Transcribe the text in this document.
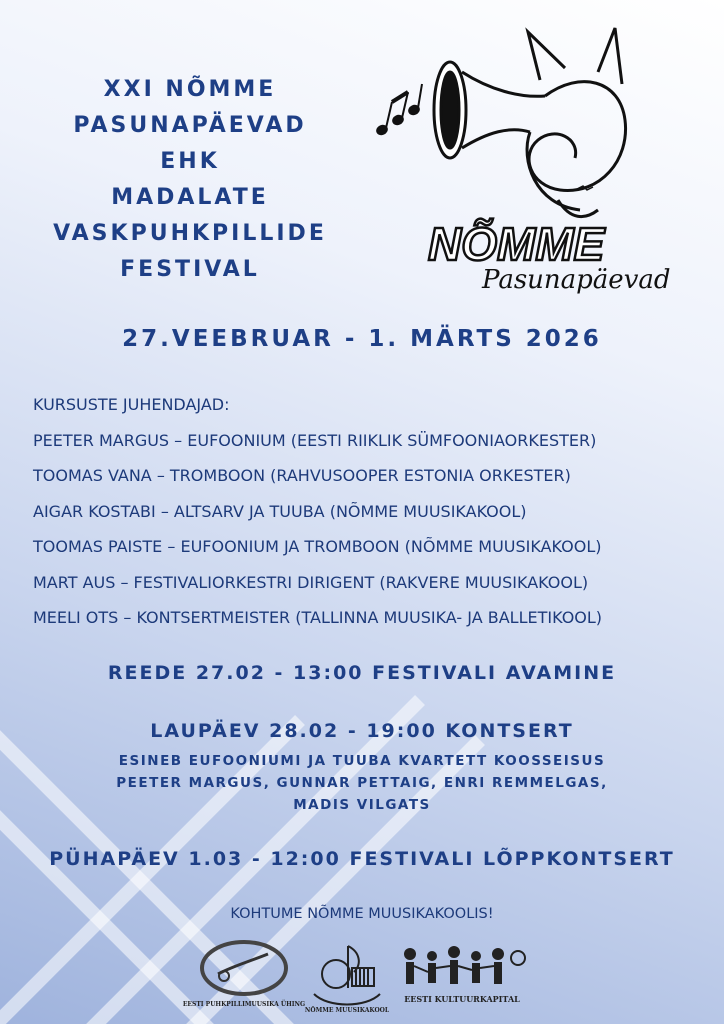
XXI NÕMME
PASUNAPÄEVAD
EHK
MADALATE
VASKPUHKPILLIDE
FESTIVAL	NÕMME
Pasunapäevad
27.VEEBRUAR - 1. MÄRTS 2026
KURSUSTE JUHENDAJAD:
PEETER MARGUS – EUFOONIUM (EESTI RIIKLIK SÜMFOONIAORKESTER)
TOOMAS VANA – TROMBOON (RAHVUSOOPER ESTONIA ORKESTER)
AIGAR KOSTABI – ALTSARV JA TUUBA (NÕMME MUUSIKAKOOL)
TOOMAS PAISTE – EUFOONIUM JA TROMBOON (NÕMME MUUSIKAKOOL)
MART AUS – FESTIVALIORKESTRI DIRIGENT (RAKVERE MUUSIKAKOOL)
MEELI OTS – KONTSERTMEISTER (TALLINNA MUUSIKA- JA BALLETIKOOL)
REEDE 27.02 - 13:00 FESTIVALI AVAMINE
LAUPÄEV 28.02 - 19:00 KONTSERT
ESINEB EUFOONIUMI JA TUUBA KVARTETT KOOSSEISUS
PEETER MARGUS, GUNNAR PETTAIG, ENRI REMMELGAS,
MADIS VILGATS
PÜHAPÄEV 1.03 - 12:00 FESTIVALI LÕPPKONTSERT
KOHTUME NÕMME MUUSIKAKOOLIS!
EESTI PUHKPILLIMUUSIKA ÜHING
NÕMME MUUSIKAKOOL
EESTI KULTUURKAPITAL
